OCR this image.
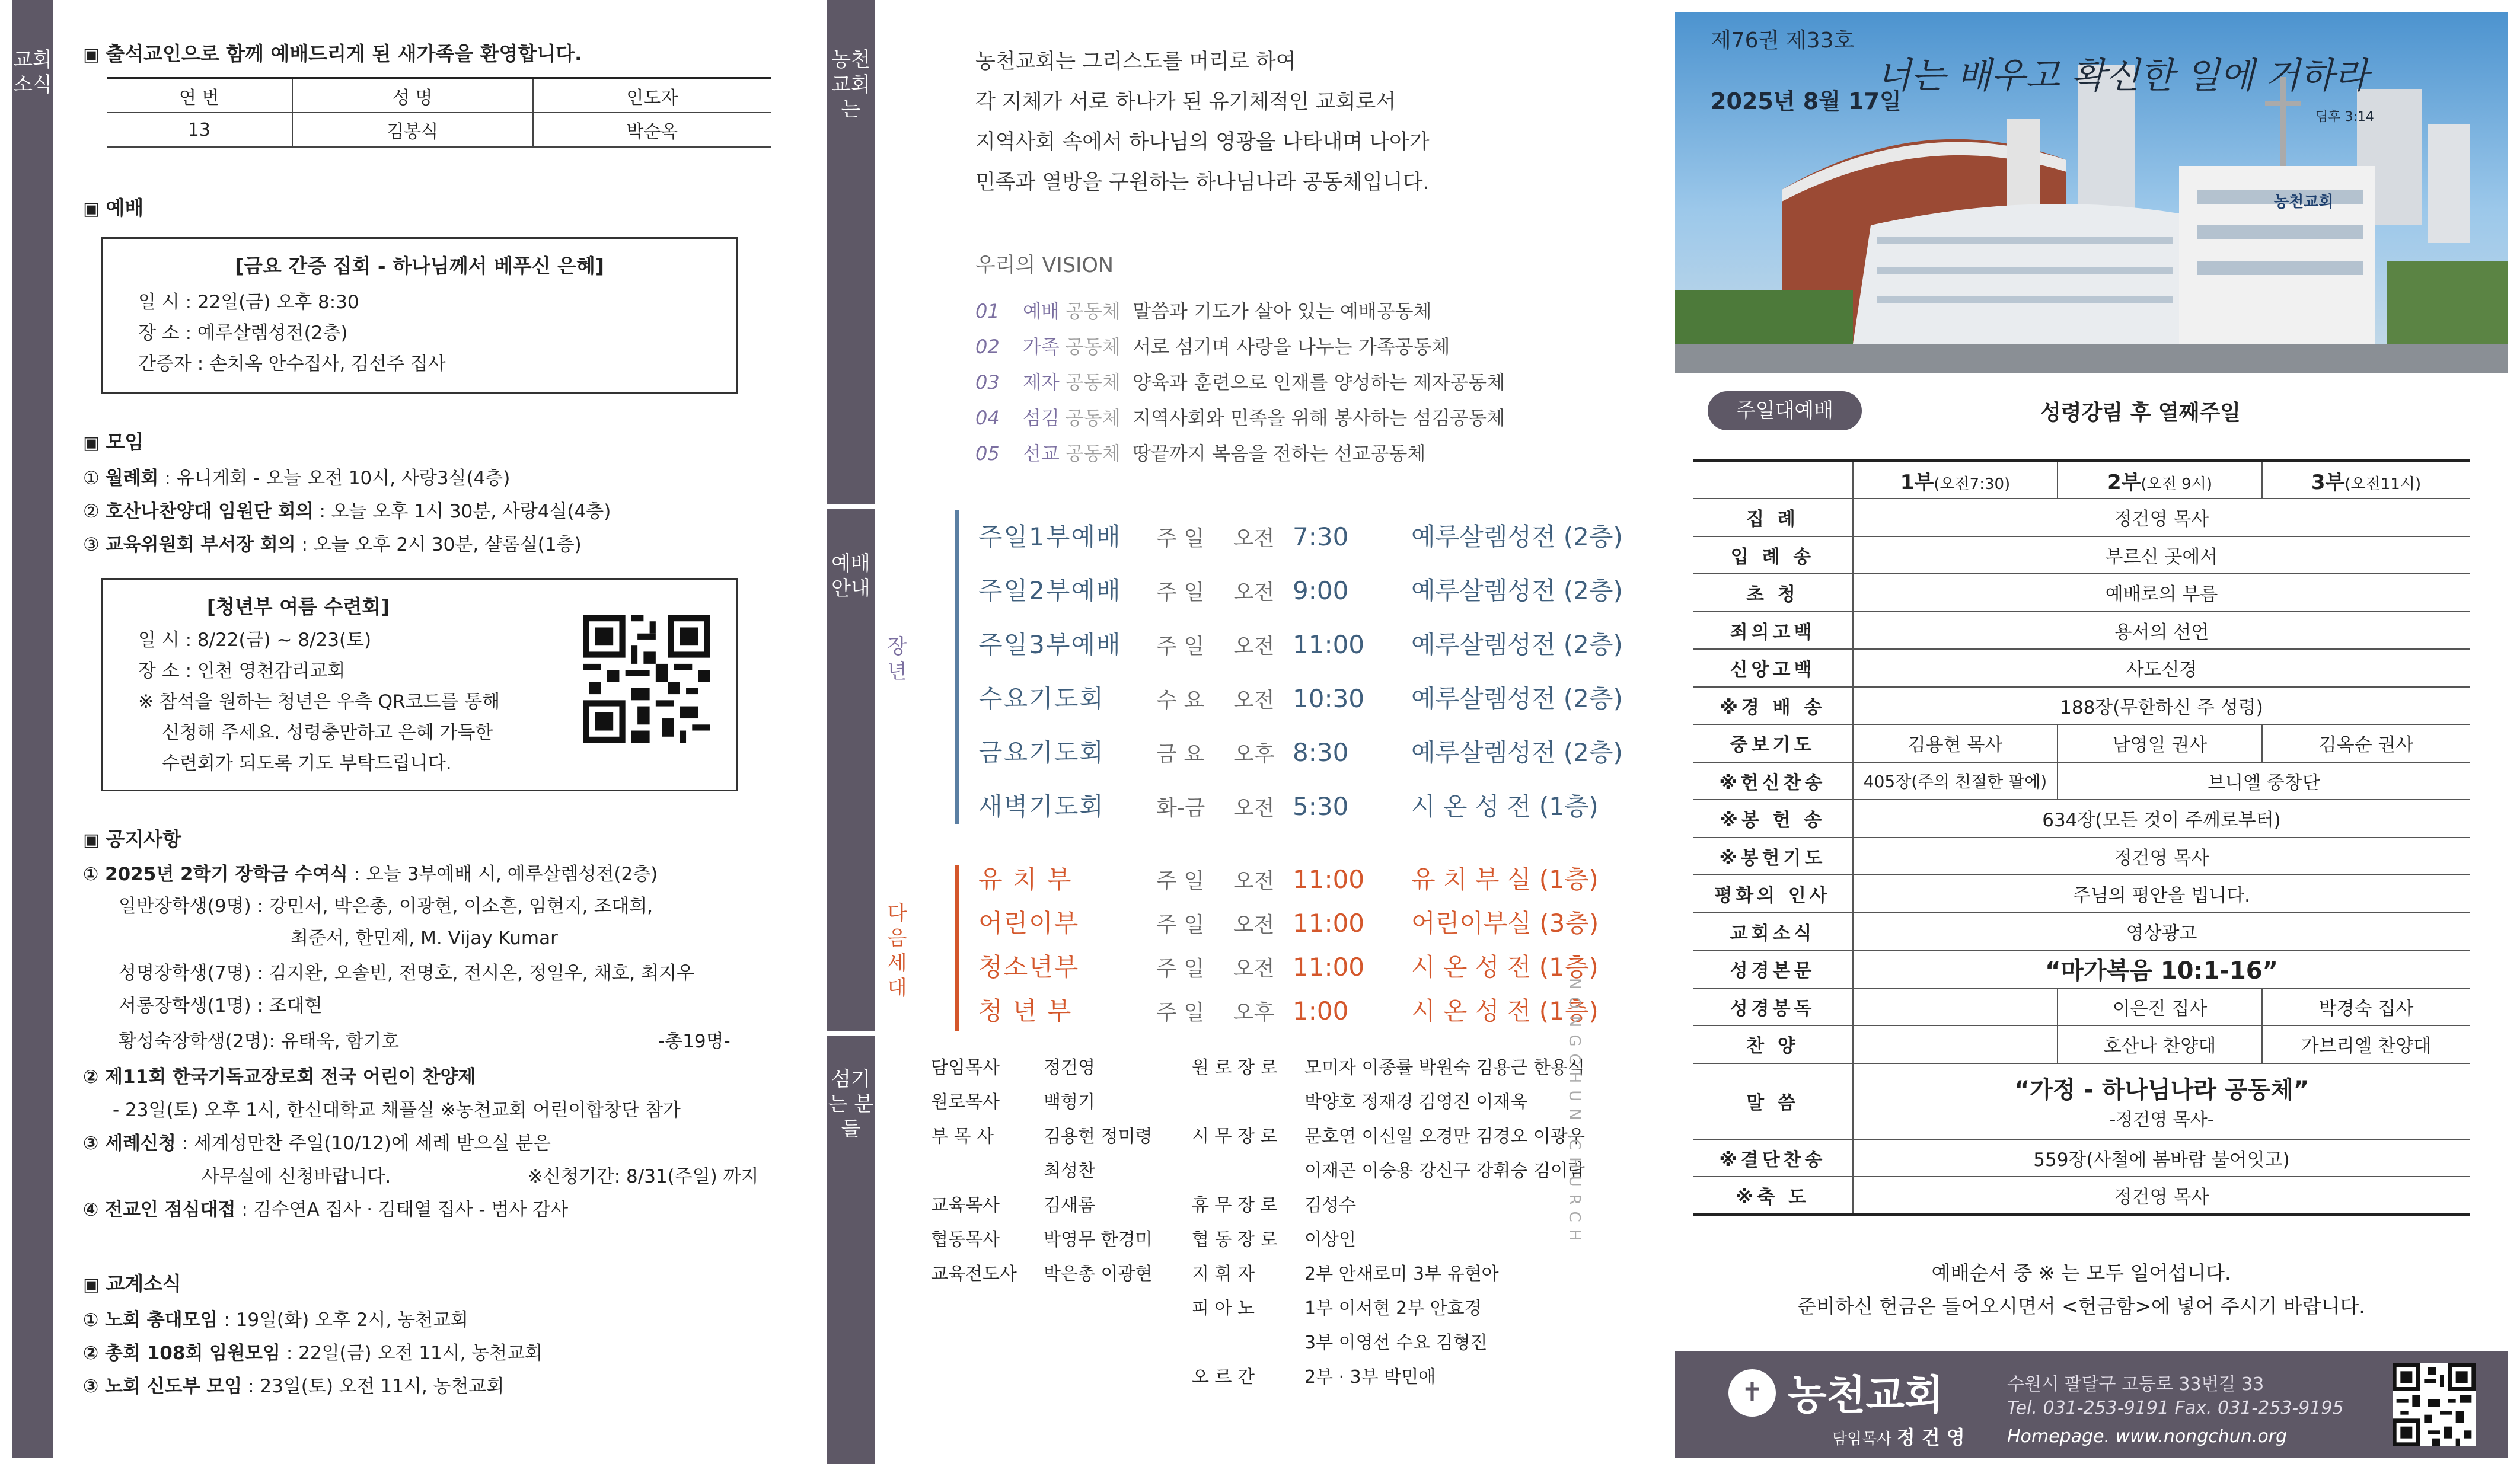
교회소식
▣ 출석교인으로 함께 예배드리게 된 새가족을 환영합니다.
연 번	성 명	인도자
13	김봉식	박순옥
▣ 예배
[금요 간증 집회 - 하나님께서 베푸신 은혜]
일 시 : 22일(금) 오후 8:30
장 소 : 예루살렘성전(2층)
간증자 : 손치옥 안수집사, 김선주 집사
▣ 모임
① 월례회 : 유니게회 - 오늘 오전 10시, 사랑3실(4층)
② 호산나찬양대 임원단 회의 : 오늘 오후 1시 30분, 사랑4실(4층)
③ 교육위원회 부서장 회의 : 오늘 오후 2시 30분, 샬롬실(1층)
[청년부 여름 수련회]
일 시 : 8/22(금) ~ 8/23(토)
장 소 : 인천 영천감리교회
※ 참석을 원하는 청년은 우측 QR코드를 통해
신청해 주세요. 성령충만하고 은혜 가득한
수련회가 되도록 기도 부탁드립니다.
▣ 공지사항
① 2025년 2학기 장학금 수여식 : 오늘 3부예배 시, 예루살렘성전(2층)
일반장학생(9명) : 강민서, 박은총, 이광현, 이소흔, 임현지, 조대희,
최준서, 한민제, M. Vijay Kumar
성명장학생(7명) : 김지완, 오솔빈, 전명호, 전시온, 정일우, 채호, 최지우
서롱장학생(1명) : 조대현
황성숙장학생(2명): 유태욱, 함기호	-총19명-
② 제11회 한국기독교장로회 전국 어린이 찬양제
- 23일(토) 오후 1시, 한신대학교 채플실 ※농천교회 어린이합창단 참가
③ 세례신청 : 세계성만찬 주일(10/12)에 세례 받으실 분은
사무실에 신청바랍니다.	※신청기간: 8/31(주일) 까지
④ 전교인 점심대접 : 김수연A 집사 · 김태열 집사 - 범사 감사
▣ 교계소식
① 노회 총대모임 : 19일(화) 오후 2시, 농천교회
② 총회 108회 임원모임 : 22일(금) 오전 11시, 농천교회
③ 노회 신도부 모임 : 23일(토) 오전 11시, 농천교회
농천교회는
예배안내
장년
다음세대
섬기는 분들
농천교회는 그리스도를 머리로 하여
각 지체가 서로 하나가 된 유기체적인 교회로서
지역사회 속에서 하나님의 영광을 나타내며 나아가
민족과 열방을 구원하는 하나님나라 공동체입니다.
우리의 VISION
01 예배 공동체 말씀과 기도가 살아 있는 예배공동체
02 가족 공동체 서로 섬기며 사랑을 나누는 가족공동체
03 제자 공동체 양육과 훈련으로 인재를 양성하는 제자공동체
04 섬김 공동체 지역사회와 민족을 위해 봉사하는 섬김공동체
05 선교 공동체 땅끝까지 복음을 전하는 선교공동체
주일1부예배 주 일 오전 7:30	예루살렘성전 (2층)
주일2부예배 주 일 오전 9:00	예루살렘성전 (2층)
주일3부예배 주 일 오전 11:00 예루살렘성전 (2층)
수요기도회 수 요 오전 10:30 예루살렘성전 (2층)
금요기도회 금 요 오후 8:30	예루살렘성전 (2층)
새벽기도회 화-금 오전 5:30	시 온 성 전 (1층)
유 치 부	주 일 오전 11:00 유 치 부 실 (1층)
어린이부	주 일 오전 11:00 어린이부실 (3층)
청소년부	주 일 오전 11:00 시 온 성 전 (1층)
청 년 부	주 일 오후 1:00	시 온 성 전 (1층)
담임목사 정건영
원로목사 백형기
부 목 사	김용현 정미령
최성찬
교육목사 김새롬
협동목사 박영무 한경미
교육전도사 박은총 이광현
원 로 장 로 모미자 이종률 박원숙 김용근 한용식
박양호 정재경 김영진 이재욱
시 무 장 로 문호연 이신일 오경만 김경오 이광우
이재곤 이승용 강신구 강휘승 김이람
휴 무 장 로 김성수
협 동 장 로 이상인
지 휘 자	2부 안새로미 3부 유현아
피 아 노	1부 이서현 2부 안효경
3부 이영선 수요 김형진
오 르 간	2부 · 3부 박민애
NONGCHUN CHURCH
제76권 제33호
2025년 8월 17일
너는 배우고 확신한 일에 거하라
딤후 3:14
농천교회
주일대예배	성령강림 후 열째주일
	1부(오전7:30)	2부(오전 9시)	3부(오전11시)
집 례	정건영 목사		
입 례 송	부르신 곳에서		
초 청	예배로의 부름		
죄의고백	용서의 선언		
신앙고백	사도신경		
※경 배 송	188장(무한하신 주 성령)		
중보기도	김용현 목사	남영일 권사	김옥순 권사
※헌신찬송	405장(주의 친절한 팔에)	브니엘 중창단	
※봉 헌 송	634장(모든 것이 주께로부터)		
※봉헌기도	정건영 목사		
평화의 인사	주님의 평안을 빕니다.		
교회소식	영상광고		
성경본문	“마가복음 10:1-16”		
성경봉독		이은진 집사	박경숙 집사
찬 양		호산나 찬양대	가브리엘 찬양대
말 씀	“가정 - 하나님나라 공동체”
-정건영 목사-		

※결단찬송	559장(사철에 봄바람 불어잇고)		
※축 도	정건영 목사		
예배순서 중 ※ 는 모두 일어섭니다.
준비하신 헌금은 들어오시면서 <헌금함>에 넣어 주시기 바랍니다.
✝ 농천교회
담임목사 정 건 영
수원시 팔달구 고등로 33번길 33
Tel. 031-253-9191 Fax. 031-253-9195
Homepage. www.nongchun.org
